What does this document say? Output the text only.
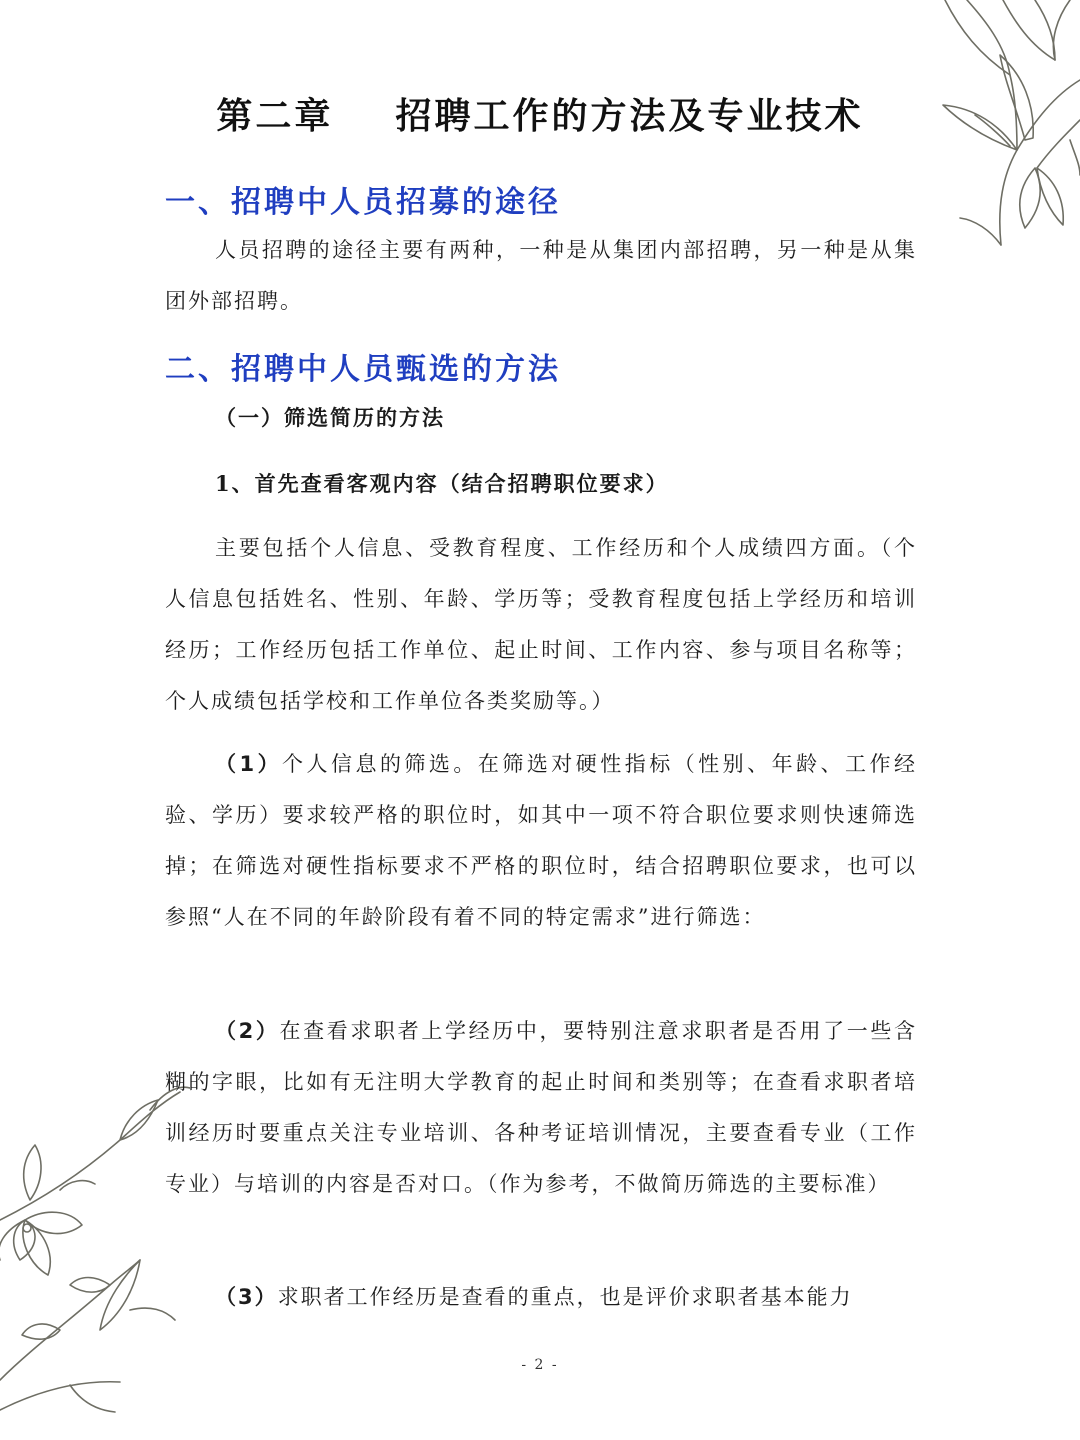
第二章    招聘工作的方法及专业技术
一、招聘中人员招募的途径

人员招聘的途径主要有两种，一种是从集团内部招聘，另一种是从集团外部招聘。

二、招聘中人员甄选的方法
（一）筛选简历的方法
1、首先查看客观内容（结合招聘职位要求）

主要包括个人信息、受教育程度、工作经历和个人成绩四方面。（个人信息包括姓名、性别、年龄、学历等；受教育程度包括上学经历和培训经历；工作经历包括工作单位、起止时间、工作内容、参与项目名称等；个人成绩包括学校和工作单位各类奖励等。）

（1）个人信息的筛选。在筛选对硬性指标（性别、年龄、工作经验、学历）要求较严格的职位时，如其中一项不符合职位要求则快速筛选掉；在筛选对硬性指标要求不严格的职位时，结合招聘职位要求，也可以参照“人在不同的年龄阶段有着不同的特定需求”进行筛选：

（2）在查看求职者上学经历中，要特别注意求职者是否用了一些含糊的字眼，比如有无注明大学教育的起止时间和类别等；在查看求职者培训经历时要重点关注专业培训、各种考证培训情况，主要查看专业（工作专业）与培训的内容是否对口。（作为参考，不做简历筛选的主要标准）

（3）求职者工作经历是查看的重点，也是评价求职者基本能力

- 2 -
